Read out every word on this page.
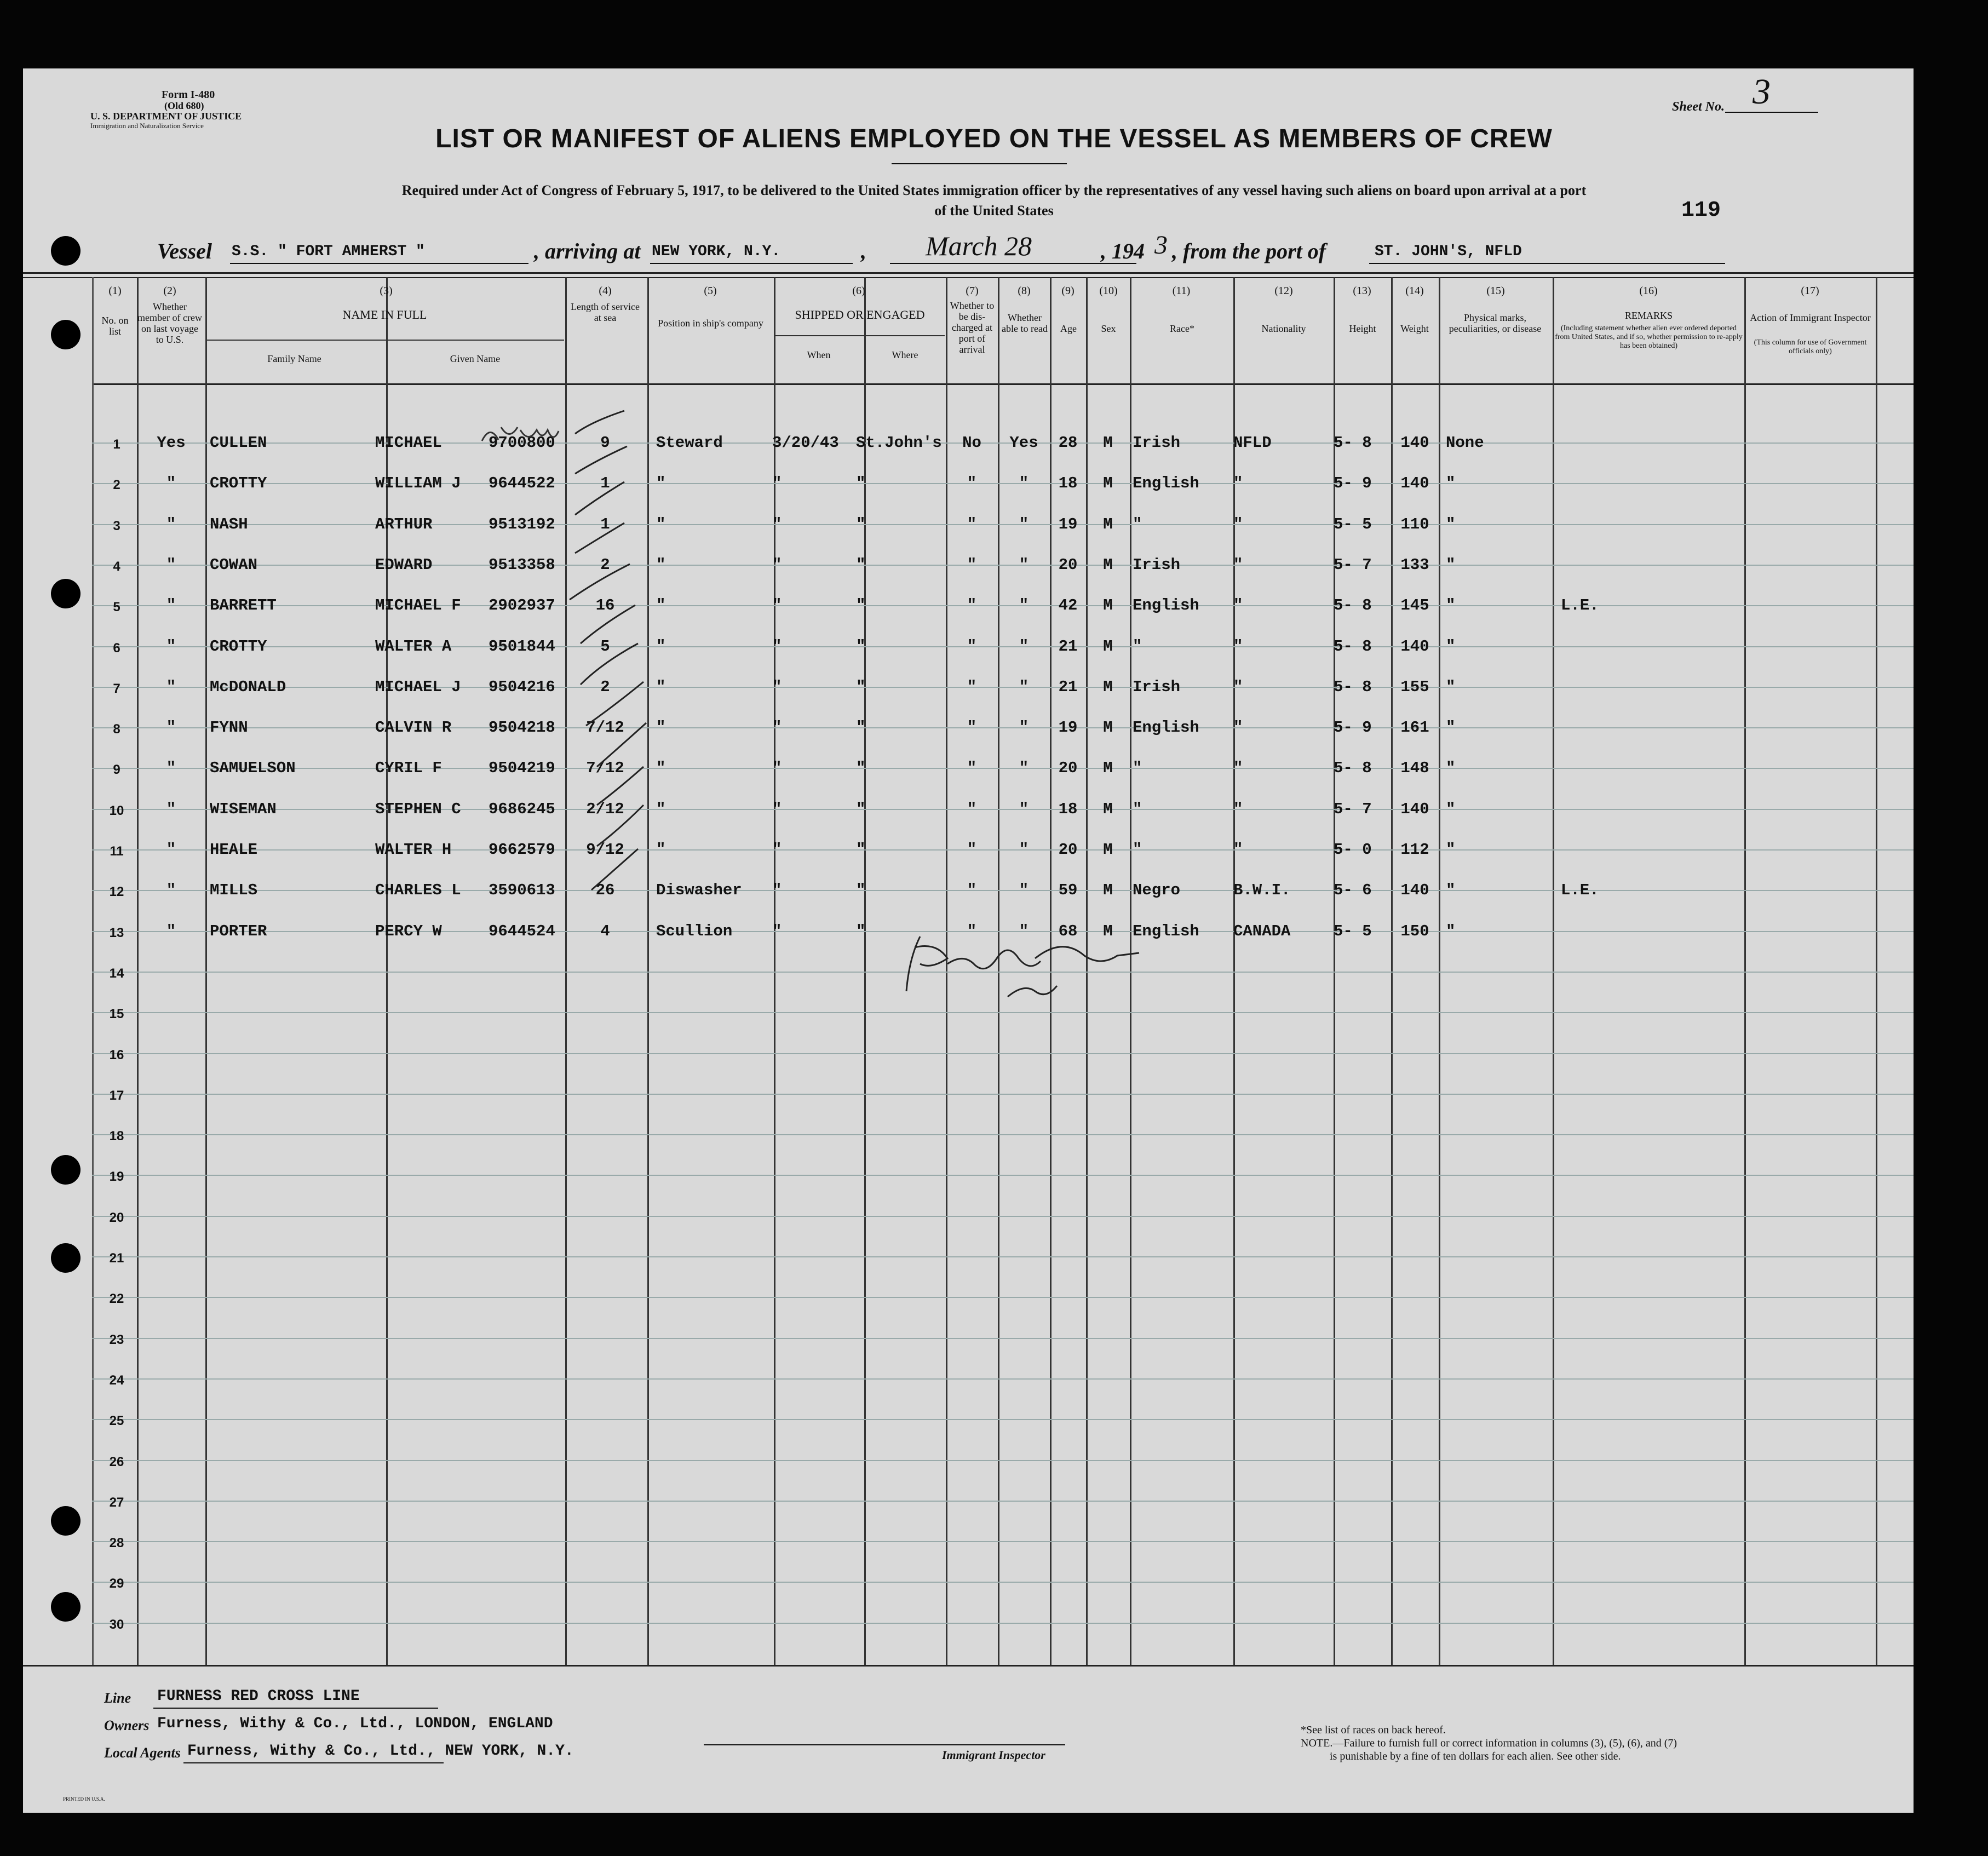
Form I-480
(Old 680)
U. S. DEPARTMENT OF JUSTICE
Immigration and Naturalization Service
Sheet No. 3
LIST OR MANIFEST OF ALIENS EMPLOYED ON THE VESSEL AS MEMBERS OF CREW
Required under Act of Congress of February 5, 1917, to be delivered to the United States immigration officer by the representatives of any vessel having such aliens on board upon arrival at a port
of the United States	119
Vessel S.S. " FORT AMHERST "	, arriving at NEW YORK, N.Y.	, March 28	, 194 3 , from the port of	ST. JOHN'S, NFLD
(1)	(2)	(3)	(4)	(5)	(6)	(7)	(8)	(9)	(10)	(11)	(12)	(13)	(14)	(15)	(16)	(17)
No. on list
Whether member of crew on last voyage to U.S.
NAME IN FULL
Family Name	Given Name
Length of service at sea	Position in ship's company
SHIPPED OR ENGAGED
When	Where
Whether to be dis-charged at port of arrival
Whether able to read	Age	Sex	Race*	Nationality	Height	Weight
Physical marks, peculiarities, or disease
REMARKS
(Including statement whether alien ever ordered deported from United States, and if so, whether permission to re-apply has been obtained)
Action of Immigrant Inspector
(This column for use of Government officials only)
Yes	CULLEN	MICHAEL	9700800	9	Steward	3/20/43 St.John's	No	Yes	28	M	Irish	NFLD	5- 8	140	None
1
"	CROTTY	WILLIAM J 9644522	1	"	"	"	"	"	18	M	English "	5- 9	140	"
2
"	NASH	ARTHUR	9513192	1	"	"	"	"	"	19	M	"	"	5- 5	110	"
3
"	COWAN	EDWARD	9513358	2	"	"	"	"	"	20	M	Irish	"	5- 7	133	"
4
"	BARRETT	MICHAEL F 2902937	16	"	"	"	"	"	42	M	English "	5- 8	145	"	L.E.
5
"	CROTTY	WALTER A 9501844	5	"	"	"	"	"	21	M	"	"	5- 8	140	"
6
"	McDONALD	MICHAEL J 9504216	2	"	"	"	"	"	21	M	Irish	"	5- 8	155	"
7
"	FYNN	CALVIN R 9504218	7/12	"	"	"	"	"	19	M	English "	5- 9	161	"
8
"	SAMUELSON	CYRIL F	9504219	7/12	"	"	"	"	"	20	M	"	"	5- 8	148	"
9
"	WISEMAN	STEPHEN C 9686245	2/12	"	"	"	"	"	18	M	"	"	5- 7	140	"
10
"	HEALE	WALTER H 9662579	9/12	"	"	"	"	"	20	M	"	"	5- 0	112	"
11
"	MILLS	CHARLES L 3590613	26	Diswasher "	"	"	"	59	M	Negro	B.W.I.	5- 6	140	"	L.E.
12
"	PORTER	PERCY W	9644524	4	Scullion	"	"	"	"	68	M	English CANADA	5- 5	150	"
13
14
15
16
17
18
19
20
21
22
23
24
25
26
27
28
29
30
Line FURNESS RED CROSS LINE
Owners Furness, Withy & Co., Ltd., LONDON, ENGLAND
Local Agents Furness, Withy & Co., Ltd., NEW YORK, N.Y.	Immigrant Inspector
*See list of races on back hereof.
NOTE.—Failure to furnish full or correct information in columns (3), (5), (6), and (7)
is punishable by a fine of ten dollars for each alien. See other side.
PRINTED IN U.S.A.
